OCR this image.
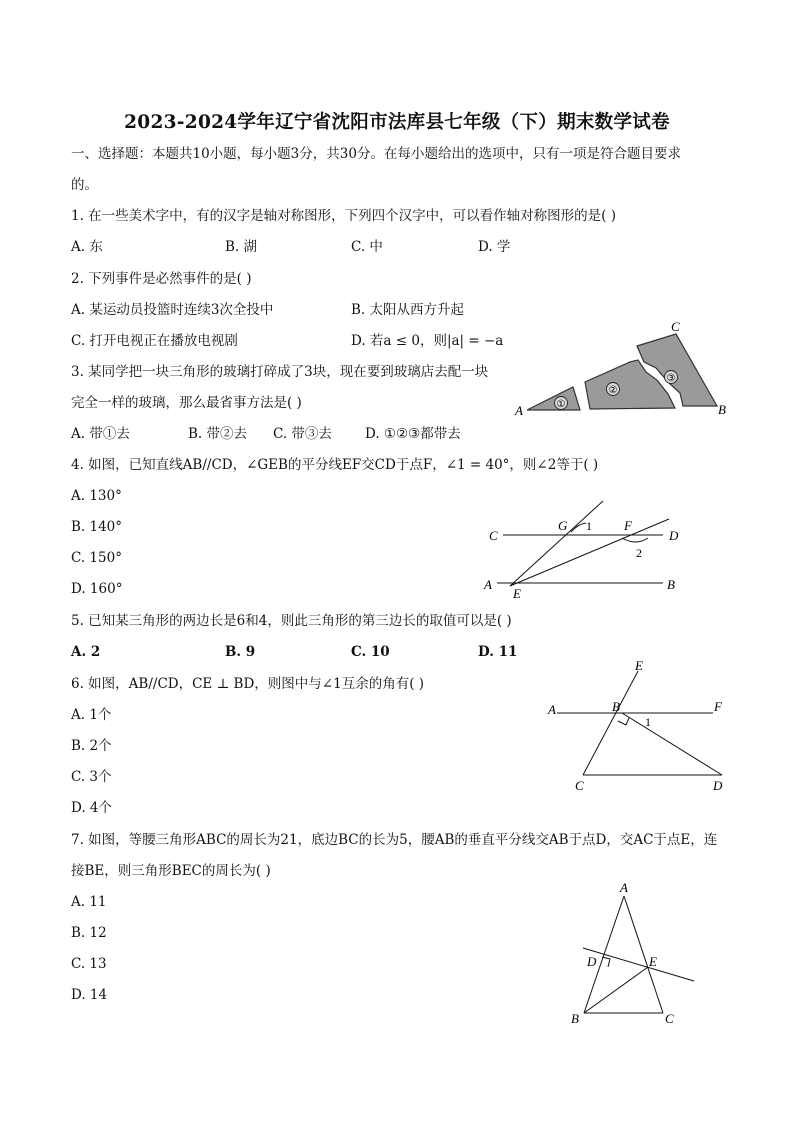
2023-2024学年辽宁省沈阳市法库县七年级（下）期末数学试卷
一、选择题：本题共10小题，每小题3分，共30分。在每小题给出的选项中，只有一项是符合题目要求
的。
1. 在一些美术字中，有的汉字是轴对称图形，下列四个汉字中，可以看作轴对称图形的是( )
A. 东	B. 湖	C. 中	D. 学
2. 下列事件是必然事件的是( )
A. 某运动员投篮时连续3次全投中	B. 太阳从西方升起
C. 打开电视正在播放电视剧	D. 若a ≤ 0，则|a| = −a
3. 某同学把一块三角形的玻璃打碎成了3块，现在要到玻璃店去配一块
完全一样的玻璃，那么最省事方法是( )
A. 带①去	B. 带②去 C. 带③去 D. ①②③都带去
①
②
③
A	B
C
4. 如图，已知直线AB//CD，∠GEB的平分线EF交CD于点F，∠1 = 40°，则∠2等于( )
A. 130°
B. 140°
C. 150°
D. 160°
C
G 1 F
D
2
A
E
B
5. 已知某三角形的两边长是6和4，则此三角形的第三边长的取值可以是( )
A. 2	B. 9	C. 10	D. 11
6. 如图，AB//CD，CE ⊥ BD，则图中与∠1互余的角有( )
A. 1个
B. 2个
C. 3个
D. 4个
E
A	B	F
1
C	D
7. 如图，等腰三角形ABC的周长为21，底边BC的长为5，腰AB的垂直平分线交AB于点D，交AC于点E，连
接BE，则三角形BEC的周长为( )
A. 11
B. 12
C. 13
D. 14
A
D	E
B	C
